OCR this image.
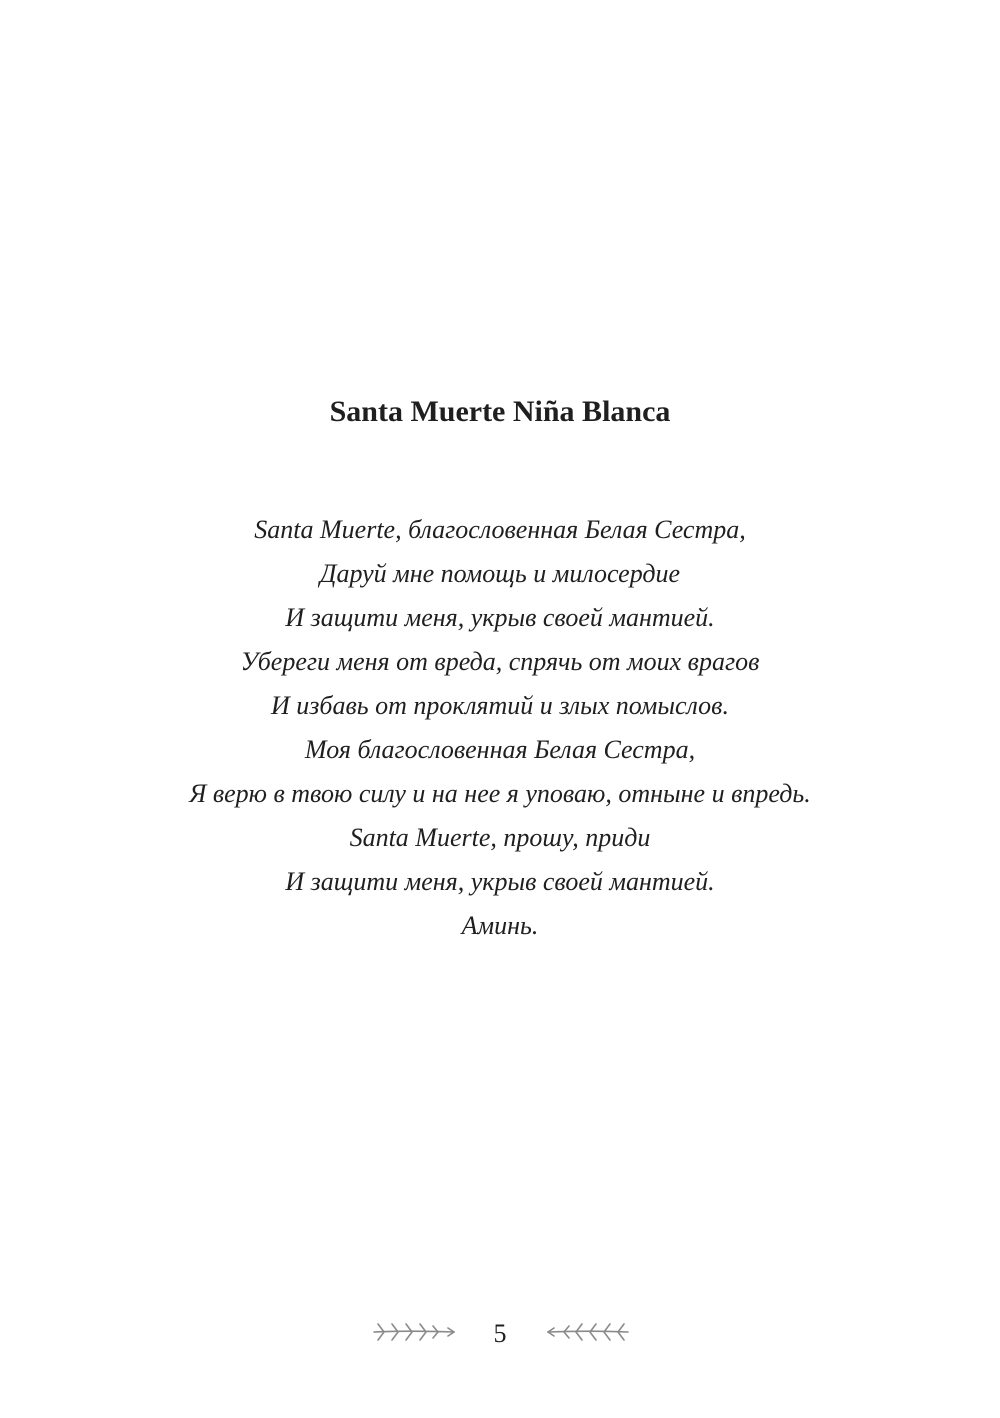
Santa Muerte Niña Blanca
Santa Muerte, благословенная Белая Сестра,
Даруй мне помощь и милосердие
И защити меня, укрыв своей мантией.
Убереги меня от вреда, спрячь от моих врагов
И избавь от проклятий и злых помыслов.
Моя благословенная Белая Сестра,
Я верю в твою силу и на нее я уповаю, отныне и впредь.
Santa Muerte, прошу, приди
И защити меня, укрыв своей мантией.
Аминь.
5
